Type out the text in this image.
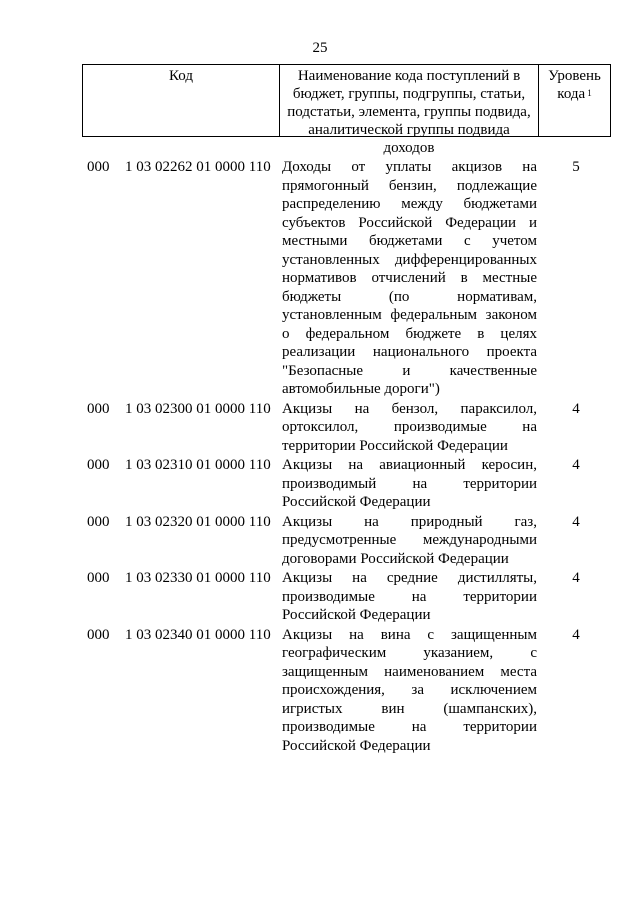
25
Код	Наименование кода поступлений в бюджет, группы, подгруппы, статьи, подстатьи, элемента, группы подвида, аналитической группы подвида доходов
Уровень кода $^1$
000 1 03 02262 01 0000 110 Доходы от уплаты акцизов на прямогонный бензин, подлежащие распределению между бюджетами субъектов Российской Федерации и местными бюджетами с учетом установленных дифференцированных нормативов отчислений в местные бюджеты (по нормативам, установленным федеральным законом о федеральном бюджете в целях реализации национального проекта "Безопасные и качественные автомобильные дороги")
5
000 1 03 02300 01 0000 110 Акцизы на бензол, параксилол, ортоксилол, производимые на территории Российской Федерации
4
000 1 03 02310 01 0000 110 Акцизы на авиационный керосин, производимый на территории Российской Федерации
4
000 1 03 02320 01 0000 110 Акцизы на природный газ, предусмотренные международными договорами Российской Федерации
4
000 1 03 02330 01 0000 110 Акцизы на средние дистилляты, производимые на территории Российской Федерации
4
000 1 03 02340 01 0000 110 Акцизы на вина с защищенным географическим указанием, с защищенным наименованием места происхождения, за исключением игристых вин (шампанских), производимые на территории Российской Федерации
4
